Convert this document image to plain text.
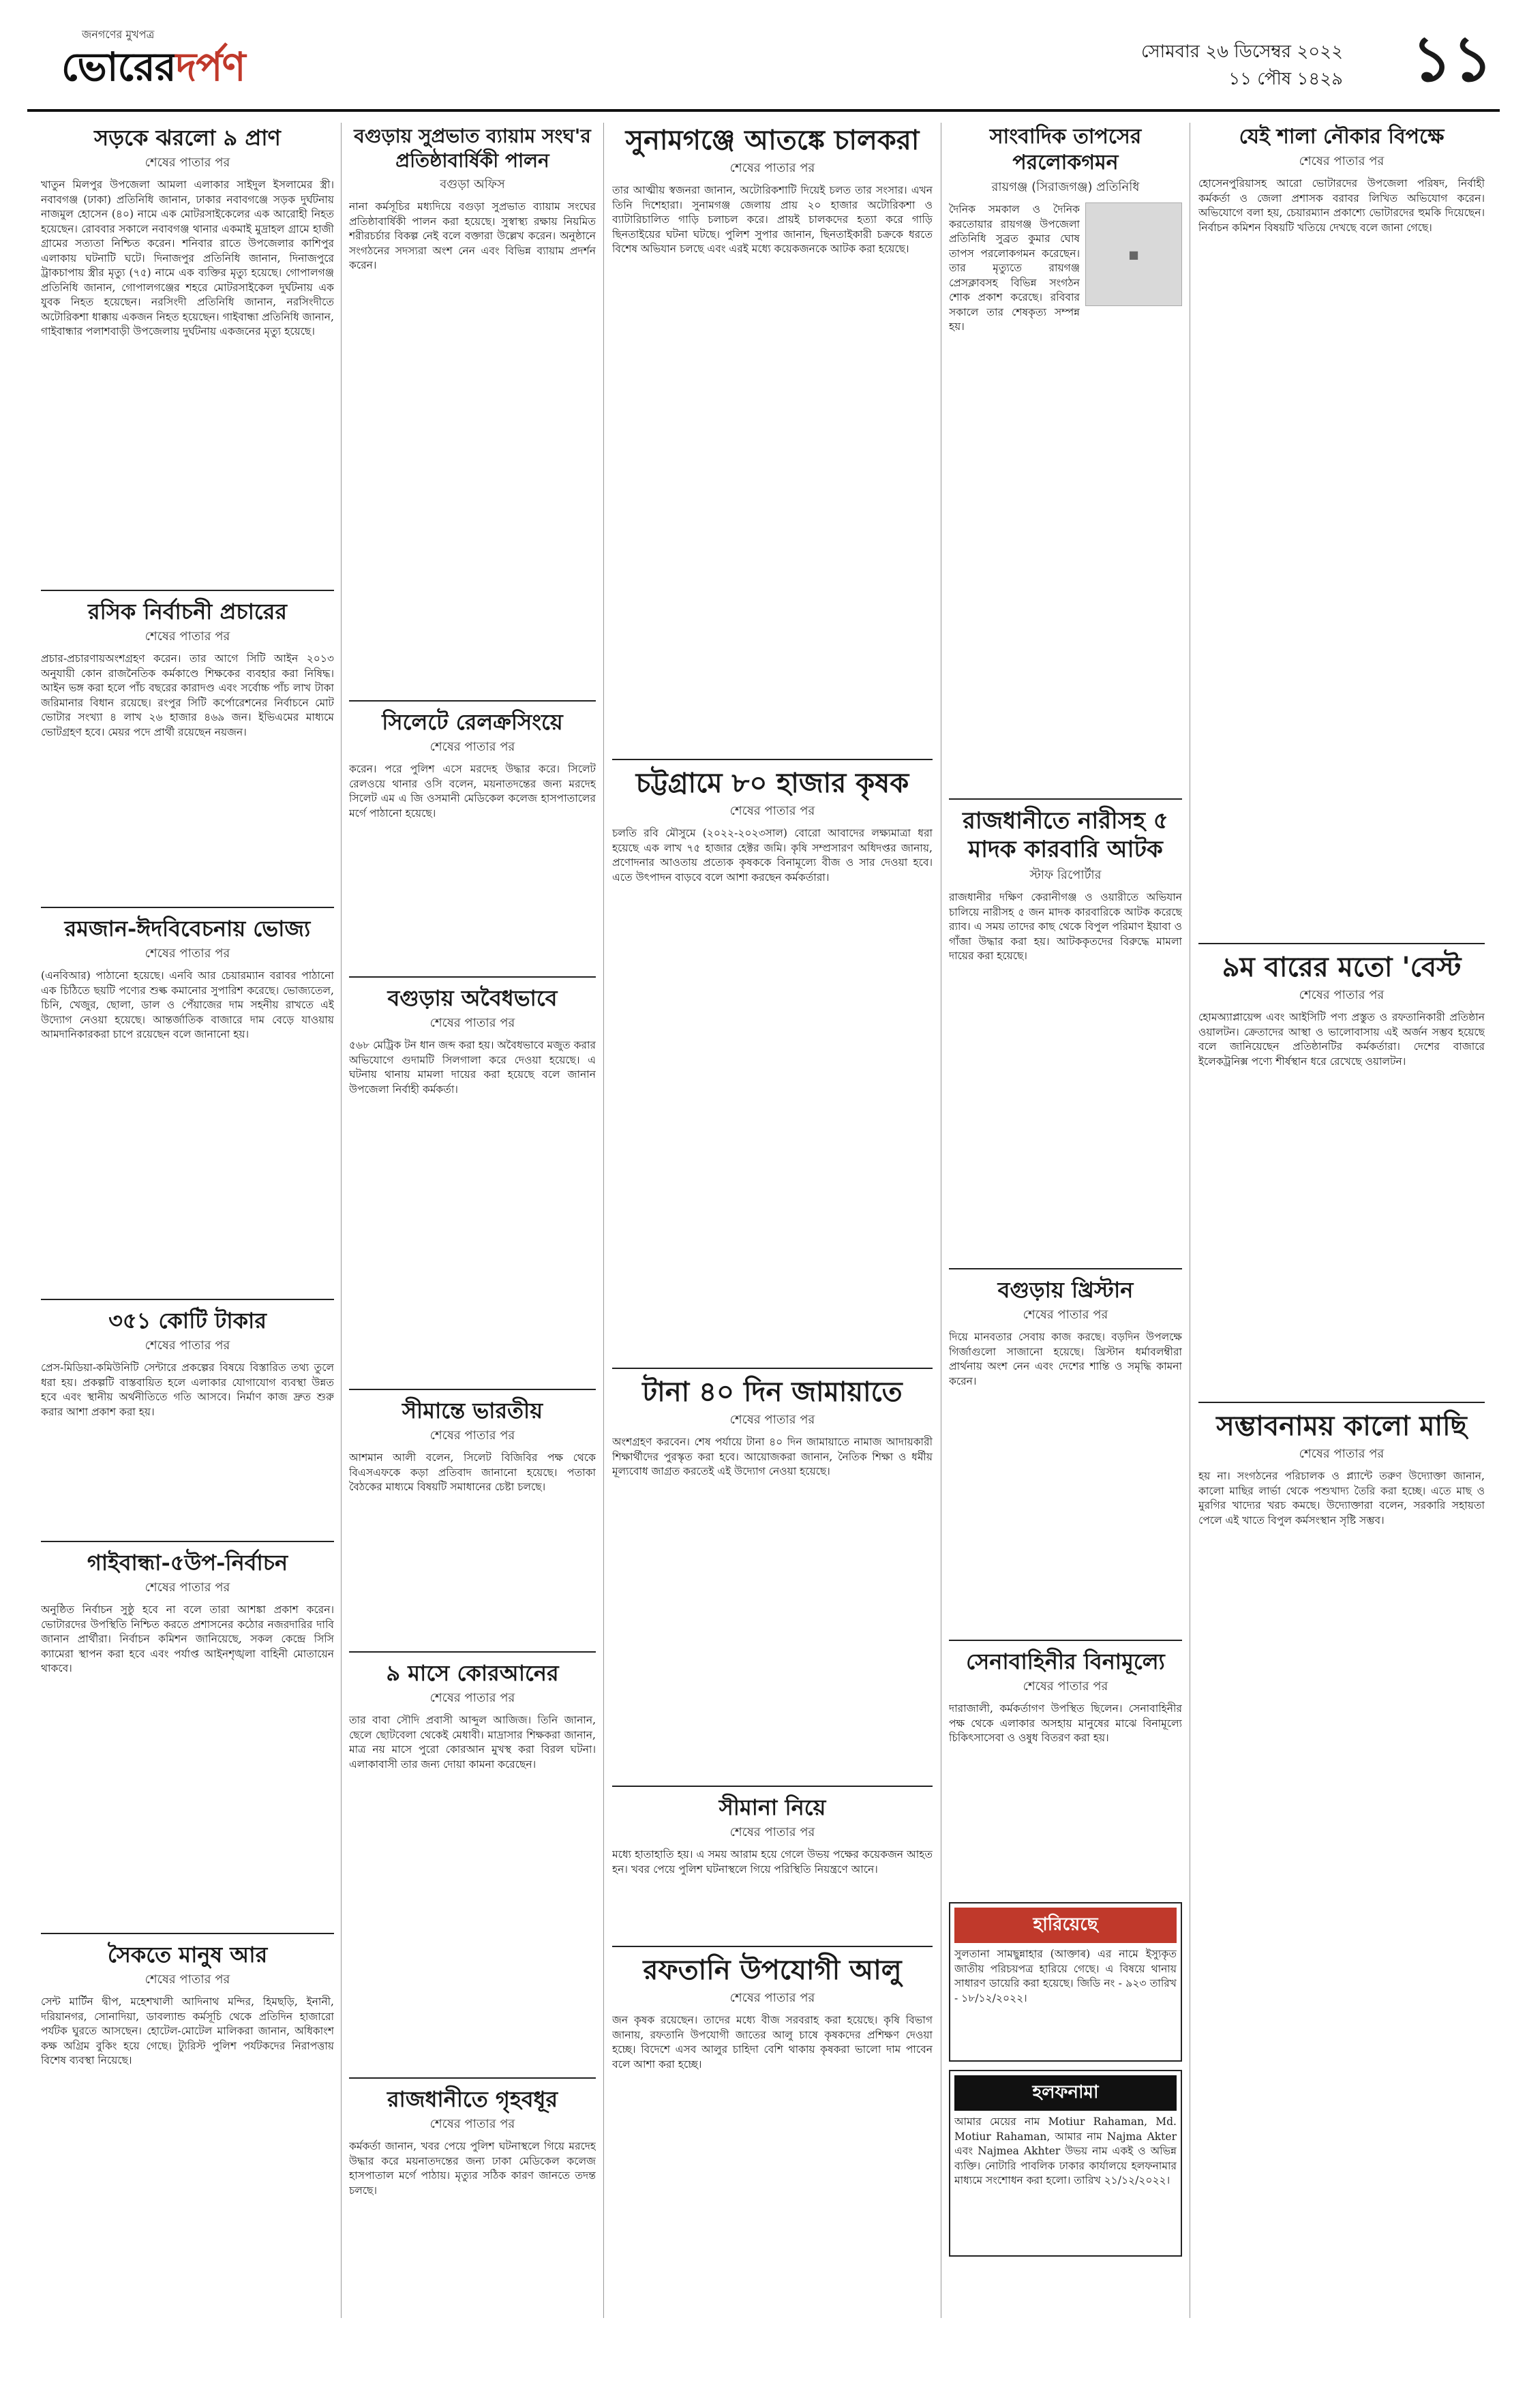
জনগণের মুখপত্র
ভোরেরদর্পণ	সোমবার ২৬ ডিসেম্বর ২০২২
১১ পৌষ ১৪২৯ ১১
সড়কে ঝরলো ৯ প্রাণ
শেষের পাতার পর
খাতুন মিলপুর উপজেলা আমলা এলাকার সাইদুল ইসলামের স্ত্রী। নবাবগঞ্জ (ঢাকা) প্রতিনিধি জানান, ঢাকার নবাবগঞ্জে সড়ক দুর্ঘটনায় নাজমুল হোসেন (৪০) নামে এক মোটরসাইকেলের এক আরোহী নিহত হয়েছেন। রোববার সকালে নবাবগঞ্জ থানার একমাই মুদ্রাহল গ্রামে হাজী গ্রামের সত্যতা নিশ্চিত করেন। শনিবার রাতে উপজেলার কাশিপুর এলাকায় ঘটনাটি ঘটে। দিনাজপুর প্রতিনিধি জানান, দিনাজপুরে ট্রাকচাপায় স্ত্রীর মৃত্যু (৭৫) নামে এক ব্যক্তির মৃত্যু হয়েছে। গোপালগঞ্জ প্রতিনিধি জানান, গোপালগঞ্জের শহরে মোটরসাইকেল দুর্ঘটনায় এক যুবক নিহত হয়েছেন। নরসিংদী প্রতিনিধি জানান, নরসিংদীতে অটোরিকশা ধাক্কায় একজন নিহত হয়েছেন। গাইবান্ধা প্রতিনিধি জানান, গাইবান্ধার পলাশবাড়ী উপজেলায় দুর্ঘটনায় একজনের মৃত্যু হয়েছে।
রসিক নির্বাচনী প্রচারের
শেষের পাতার পর
প্রচার-প্রচারণায়অংশগ্রহণ করেন। তার আগে সিটি আইন ২০১৩ অনুযায়ী কোন রাজনৈতিক কর্মকাণ্ডে শিক্ষকের ব্যবহার করা নিষিদ্ধ। আইন ভঙ্গ করা হলে পাঁচ বছরের কারাদণ্ড এবং সর্বোচ্চ পাঁচ লাখ টাকা জরিমানার বিধান রয়েছে। রংপুর সিটি কর্পোরেশনের নির্বাচনে মোট ভোটার সংখ্যা ৪ লাখ ২৬ হাজার ৪৬৯ জন। ইভিএমের মাধ্যমে ভোটগ্রহণ হবে। মেয়র পদে প্রার্থী রয়েছেন নয়জন।
রমজান-ঈদবিবেচনায় ভোজ্য
শেষের পাতার পর
(এনবিআর) পাঠানো হয়েছে। এনবি আর চেয়ারম্যান বরাবর পাঠানো এক চিঠিতে ছয়টি পণ্যের শুল্ক কমানোর সুপারিশ করেছে। ভোজ্যতেল, চিনি, খেজুর, ছোলা, ডাল ও পেঁয়াজের দাম সহনীয় রাখতে এই উদ্যোগ নেওয়া হয়েছে। আন্তর্জাতিক বাজারে দাম বেড়ে যাওয়ায় আমদানিকারকরা চাপে রয়েছেন বলে জানানো হয়।
৩৫১ কোটি টাকার
শেষের পাতার পর
প্রেস-মিডিয়া-কমিউনিটি সেন্টারে প্রকল্পের বিষয়ে বিস্তারিত তথ্য তুলে ধরা হয়। প্রকল্পটি বাস্তবায়িত হলে এলাকার যোগাযোগ ব্যবস্থা উন্নত হবে এবং স্থানীয় অর্থনীতিতে গতি আসবে। নির্মাণ কাজ দ্রুত শুরু করার আশা প্রকাশ করা হয়।
গাইবান্ধা-৫উপ-নির্বাচন
শেষের পাতার পর
অনুষ্ঠিত নির্বাচন সুষ্ঠু হবে না বলে তারা আশঙ্কা প্রকাশ করেন। ভোটারদের উপস্থিতি নিশ্চিত করতে প্রশাসনের কঠোর নজরদারির দাবি জানান প্রার্থীরা। নির্বাচন কমিশন জানিয়েছে, সকল কেন্দ্রে সিসি ক্যামেরা স্থাপন করা হবে এবং পর্যাপ্ত আইনশৃঙ্খলা বাহিনী মোতায়েন থাকবে।
সৈকতে মানুষ আর
শেষের পাতার পর
সেন্ট মার্টিন দ্বীপ, মহেশখালী আদিনাথ মন্দির, হিমছড়ি, ইনানী, দরিয়ানগর, সোনাদিয়া, ডাবল্যান্ড কর্মসূচি থেকে প্রতিদিন হাজারো পর্যটক ঘুরতে আসছেন। হোটেল-মোটেল মালিকরা জানান, অধিকাংশ কক্ষ অগ্রিম বুকিং হয়ে গেছে। ট্যুরিস্ট পুলিশ পর্যটকদের নিরাপত্তায় বিশেষ ব্যবস্থা নিয়েছে।
বগুড়ায় সুপ্রভাত ব্যায়াম সংঘ'র প্রতিষ্ঠাবার্ষিকী পালন
বগুড়া অফিস
নানা কর্মসূচির মধ্যদিয়ে বগুড়া সুপ্রভাত ব্যায়াম সংঘের প্রতিষ্ঠাবার্ষিকী পালন করা হয়েছে। সুস্বাস্থ্য রক্ষায় নিয়মিত শরীরচর্চার বিকল্প নেই বলে বক্তারা উল্লেখ করেন। অনুষ্ঠানে সংগঠনের সদস্যরা অংশ নেন এবং বিভিন্ন ব্যায়াম প্রদর্শন করেন।
সিলেটে রেলক্রসিংয়ে
শেষের পাতার পর
করেন। পরে পুলিশ এসে মরদেহ উদ্ধার করে। সিলেট রেলওয়ে থানার ওসি বলেন, ময়নাতদন্তের জন্য মরদেহ সিলেট এম এ জি ওসমানী মেডিকেল কলেজ হাসপাতালের মর্গে পাঠানো হয়েছে।
বগুড়ায় অবৈধভাবে
শেষের পাতার পর
৫৬৮ মেট্রিক টন ধান জব্দ করা হয়। অবৈধভাবে মজুত করার অভিযোগে গুদামটি সিলগালা করে দেওয়া হয়েছে। এ ঘটনায় থানায় মামলা দায়ের করা হয়েছে বলে জানান উপজেলা নির্বাহী কর্মকর্তা।
সীমান্তে ভারতীয়
শেষের পাতার পর
আশমান আলী বলেন, সিলেট বিজিবির পক্ষ থেকে বিএসএফকে কড়া প্রতিবাদ জানানো হয়েছে। পতাকা বৈঠকের মাধ্যমে বিষয়টি সমাধানের চেষ্টা চলছে।
৯ মাসে কোরআনের
শেষের পাতার পর
তার বাবা সৌদি প্রবাসী আব্দুল আজিজ। তিনি জানান, ছেলে ছোটবেলা থেকেই মেধাবী। মাদ্রাসার শিক্ষকরা জানান, মাত্র নয় মাসে পুরো কোরআন মুখস্থ করা বিরল ঘটনা। এলাকাবাসী তার জন্য দোয়া কামনা করেছেন।
রাজধানীতে গৃহবধূর
শেষের পাতার পর
কর্মকর্তা জানান, খবর পেয়ে পুলিশ ঘটনাস্থলে গিয়ে মরদেহ উদ্ধার করে ময়নাতদন্তের জন্য ঢাকা মেডিকেল কলেজ হাসপাতাল মর্গে পাঠায়। মৃত্যুর সঠিক কারণ জানতে তদন্ত চলছে।
সুনামগঞ্জে আতঙ্কে চালকরা
শেষের পাতার পর
তার আত্মীয় স্বজনরা জানান, অটোরিকশাটি দিয়েই চলত তার সংসার। এখন তিনি দিশেহারা। সুনামগঞ্জ জেলায় প্রায় ২০ হাজার অটোরিকশা ও ব্যাটারিচালিত গাড়ি চলাচল করে। প্রায়ই চালকদের হত্যা করে গাড়ি ছিনতাইয়ের ঘটনা ঘটছে। পুলিশ সুপার জানান, ছিনতাইকারী চক্রকে ধরতে বিশেষ অভিযান চলছে এবং এরই মধ্যে কয়েকজনকে আটক করা হয়েছে।
চট্টগ্রামে ৮০ হাজার কৃষক
শেষের পাতার পর
চলতি রবি মৌসুমে (২০২২-২০২৩সাল) বোরো আবাদের লক্ষ্যমাত্রা ধরা হয়েছে এক লাখ ৭৫ হাজার হেক্টর জমি। কৃষি সম্প্রসারণ অধিদপ্তর জানায়, প্রণোদনার আওতায় প্রত্যেক কৃষককে বিনামূল্যে বীজ ও সার দেওয়া হবে। এতে উৎপাদন বাড়বে বলে আশা করছেন কর্মকর্তারা।
টানা ৪০ দিন জামায়াতে
শেষের পাতার পর
অংশগ্রহণ করবেন। শেষ পর্যায়ে টানা ৪০ দিন জামায়াতে নামাজ আদায়কারী শিক্ষার্থীদের পুরস্কৃত করা হবে। আয়োজকরা জানান, নৈতিক শিক্ষা ও ধর্মীয় মূল্যবোধ জাগ্রত করতেই এই উদ্যোগ নেওয়া হয়েছে।
সীমানা নিয়ে
শেষের পাতার পর
মধ্যে হাতাহাতি হয়। এ সময় আরাম হয়ে গেলে উভয় পক্ষের কয়েকজন আহত হন। খবর পেয়ে পুলিশ ঘটনাস্থলে গিয়ে পরিস্থিতি নিয়ন্ত্রণে আনে।
রফতানি উপযোগী আলু
শেষের পাতার পর
জন কৃষক রয়েছেন। তাদের মধ্যে বীজ সরবরাহ করা হয়েছে। কৃষি বিভাগ জানায়, রফতানি উপযোগী জাতের আলু চাষে কৃষকদের প্রশিক্ষণ দেওয়া হচ্ছে। বিদেশে এসব আলুর চাহিদা বেশি থাকায় কৃষকরা ভালো দাম পাবেন বলে আশা করা হচ্ছে।
সাংবাদিক তাপসের পরলোকগমন
রায়গঞ্জ (সিরাজগঞ্জ) প্রতিনিধি
■
দৈনিক সমকাল ও দৈনিক করতোয়ার রায়গঞ্জ উপজেলা প্রতিনিধি সুব্রত কুমার ঘোষ তাপস পরলোকগমন করেছেন। তার মৃত্যুতে রায়গঞ্জ প্রেসক্লাবসহ বিভিন্ন সংগঠন শোক প্রকাশ করেছে। রবিবার সকালে তার শেষকৃত্য সম্পন্ন হয়।
রাজধানীতে নারীসহ ৫ মাদক কারবারি আটক
স্টাফ রিপোর্টার
রাজধানীর দক্ষিণ কেরানীগঞ্জ ও ওয়ারীতে অভিযান চালিয়ে নারীসহ ৫ জন মাদক কারবারিকে আটক করেছে র‍্যাব। এ সময় তাদের কাছ থেকে বিপুল পরিমাণ ইয়াবা ও গাঁজা উদ্ধার করা হয়। আটককৃতদের বিরুদ্ধে মামলা দায়ের করা হয়েছে।
বগুড়ায় খ্রিস্টান
শেষের পাতার পর
দিয়ে মানবতার সেবায় কাজ করছে। বড়দিন উপলক্ষে গির্জাগুলো সাজানো হয়েছে। খ্রিস্টান ধর্মাবলম্বীরা প্রার্থনায় অংশ নেন এবং দেশের শান্তি ও সমৃদ্ধি কামনা করেন।
সেনাবাহিনীর বিনামূল্যে
শেষের পাতার পর
দারাজালী, কর্মকর্তাগণ উপস্থিত ছিলেন। সেনাবাহিনীর পক্ষ থেকে এলাকার অসহায় মানুষের মাঝে বিনামূল্যে চিকিৎসাসেবা ও ওষুধ বিতরণ করা হয়।
হারিয়েছে
সুলতানা সামছুন্নাহার (আক্তাৰ) এর নামে ইস্যুকৃত জাতীয় পরিচয়পত্র হারিয়ে গেছে। এ বিষয়ে থানায় সাধারণ ডায়েরি করা হয়েছে। জিডি নং - ৯২৩ তারিখ - ১৮/১২/২০২২।
হলফনামা
আমার মেয়ের নাম Motiur Rahaman, Md. Motiur Rahaman, আমার নাম Najma Akter এবং Najmea Akhter উভয় নাম একই ও অভিন্ন ব্যক্তি। নোটারি পাবলিক ঢাকার কার্যালয়ে হলফনামার মাধ্যমে সংশোধন করা হলো। তারিখ ২১/১২/২০২২।
যেই শালা নৌকার বিপক্ষে
শেষের পাতার পর
হোসেনপুরিয়াসহ আরো ভোটারদের উপজেলা পরিষদ, নির্বাহী কর্মকর্তা ও জেলা প্রশাসক বরাবর লিখিত অভিযোগ করেন। অভিযোগে বলা হয়, চেয়ারম্যান প্রকাশ্যে ভোটারদের হুমকি দিয়েছেন। নির্বাচন কমিশন বিষয়টি খতিয়ে দেখছে বলে জানা গেছে।
৯ম বারের মতো 'বেস্ট
শেষের পাতার পর
হোমঅ্যাপ্লায়েন্স এবং আইসিটি পণ্য প্রস্তুত ও রফতানিকারী প্রতিষ্ঠান ওয়ালটন। ক্রেতাদের আস্থা ও ভালোবাসায় এই অর্জন সম্ভব হয়েছে বলে জানিয়েছেন প্রতিষ্ঠানটির কর্মকর্তারা। দেশের বাজারে ইলেকট্রনিক্স পণ্যে শীর্ষস্থান ধরে রেখেছে ওয়ালটন।
সম্ভাবনাময় কালো মাছি
শেষের পাতার পর
হয় না। সংগঠনের পরিচালক ও প্ল্যান্টে তরুণ উদ্যোক্তা জানান, কালো মাছির লার্ভা থেকে পশুখাদ্য তৈরি করা হচ্ছে। এতে মাছ ও মুরগির খাদ্যের খরচ কমছে। উদ্যোক্তারা বলেন, সরকারি সহায়তা পেলে এই খাতে বিপুল কর্মসংস্থান সৃষ্টি সম্ভব।
